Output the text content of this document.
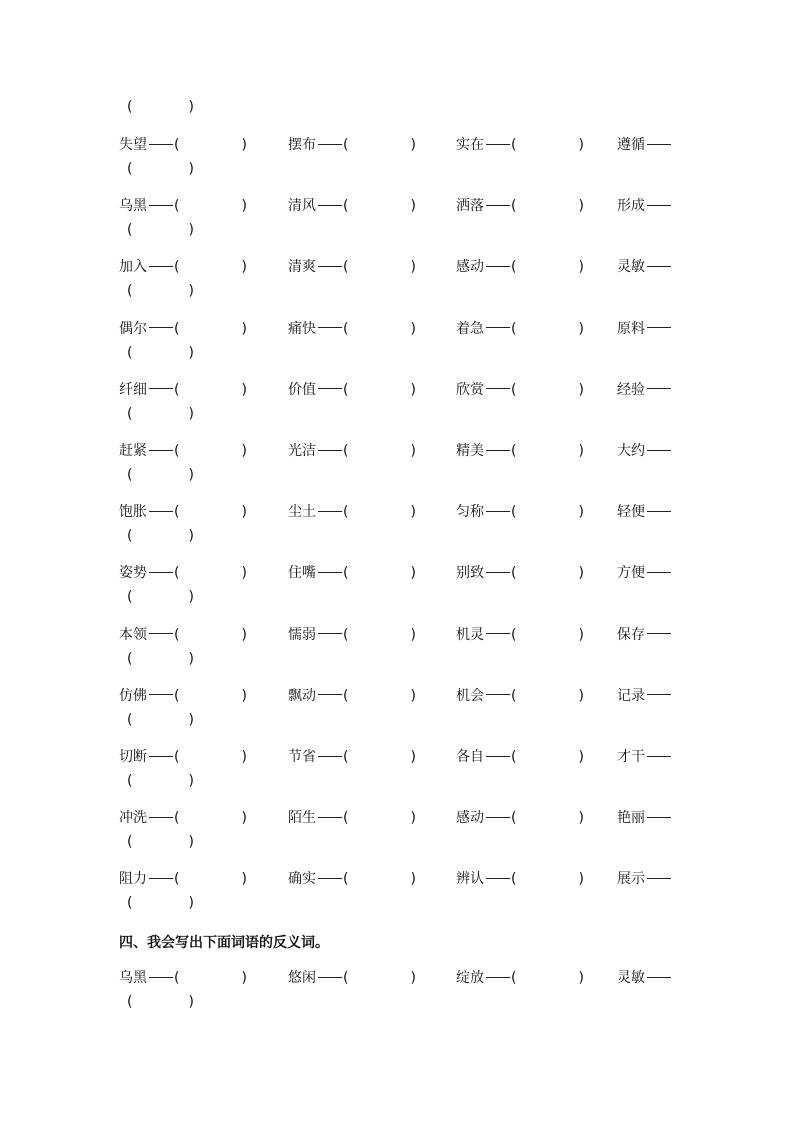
(	)
失望 (	)	摆布 (	)	实在 (	) 遵循
(	)
乌黑 (	)	清风 (	)	洒落 (	) 形成
(	)
加入 (	)	清爽 (	)	感动 (	) 灵敏
(	)
偶尔 (	)	痛快 (	)	着急 (	) 原料
(	)
纤细 (	)	价值 (	)	欣赏 (	) 经验
(	)
赶紧 (	)	光洁 (	)	精美 (	) 大约
(	)
饱胀 (	)	尘土 (	)	匀称 (	) 轻便
(	)
姿势 (	)	住嘴 (	)	别致 (	) 方便
(	)
本领 (	)	懦弱 (	)	机灵 (	) 保存
(	)
仿佛 (	)	飘动 (	)	机会 (	) 记录
(	)
切断 (	)	节省 (	)	各自 (	) 才干
(	)
冲洗 (	)	陌生 (	)	感动 (	) 艳丽
(	)
阻力 (	)	确实 (	)	辨认 (	) 展示
(	)
四、我会写出下面词语的反义词。
乌黑 (	)	悠闲 (	)	绽放 (	) 灵敏
(	)
